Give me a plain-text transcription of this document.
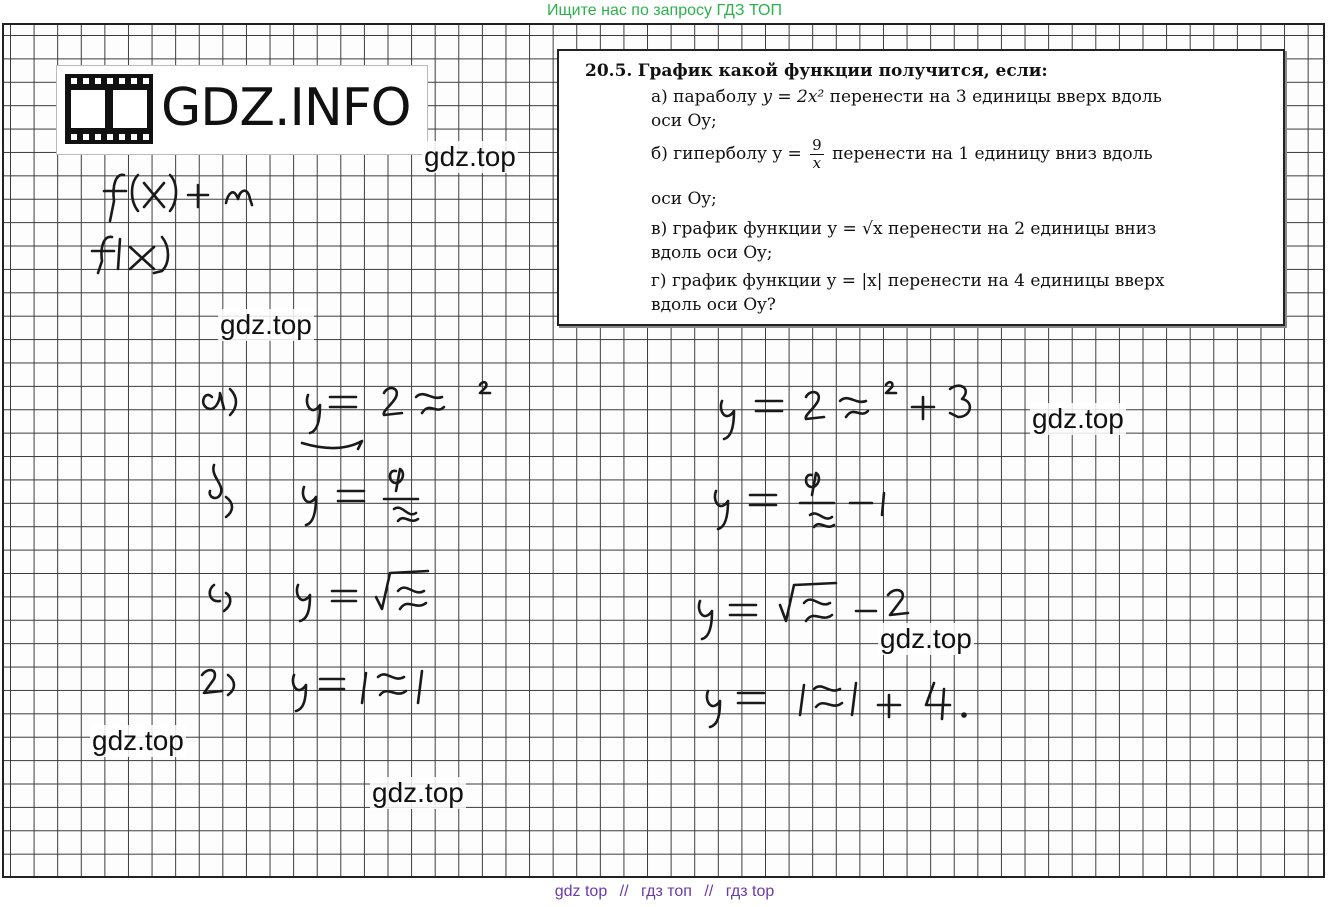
Ищите нас по запросу ГДЗ ТОП
GDZ.INFO
20.5. График какой функции получится, если:
а) параболу y = 2x² перенести на 3 единицы вверх вдоль
оси Oy;
б) гиперболу $y = \frac{9}{x}$ перенести на 1 единицу вниз вдоль
оси Oy;
в) график функции y = √x перенести на 2 единицы вниз
вдоль оси Oy;
г) график функции y = |x| перенести на 4 единицы вверх
вдоль оси Oy?
gdz.top
gdz.top
gdz.top
gdz.top
gdz.top
gdz.top
gdz top // гдз топ // гдз top
